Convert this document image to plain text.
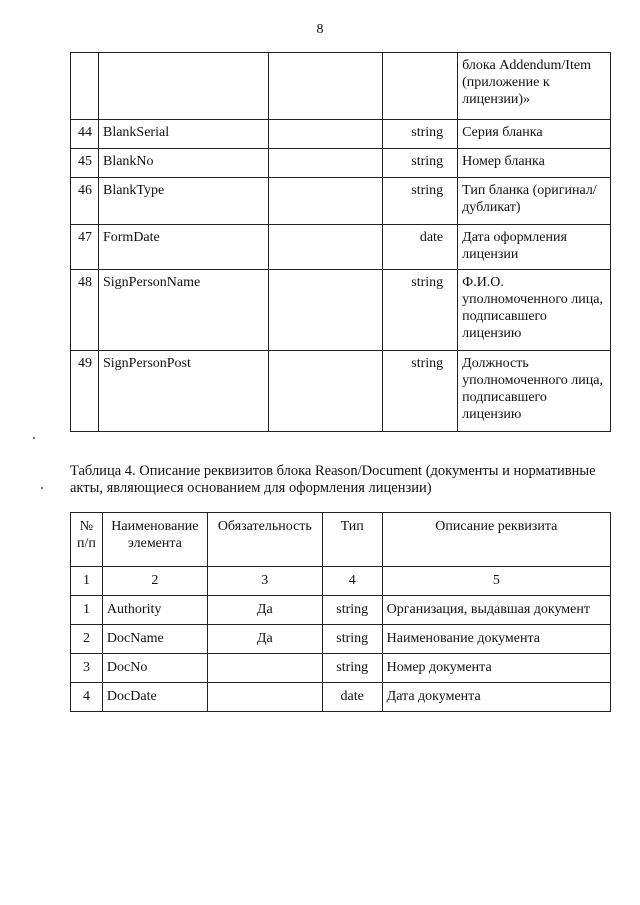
8
				блока Addendum/Item (приложение к лицензии)»
44	BlankSerial		string	Серия бланка
45	BlankNo		string	Номер бланка
46	BlankType		string	Тип бланка (оригинал/дубликат)
47	FormDate		date	Дата оформления лицензии
48	SignPersonName		string	Ф.И.О. уполномоченного лица, подписавшего лицензию
49	SignPersonPost		string	Должность уполномоченного лица, подписавшего лицензию
Таблица 4. Описание реквизитов блока Reason/Document (документы и нормативные акты, являющиеся основанием для оформления лицензии)
№ п/п	Наименование элемента	Обязательность	Тип	Описание реквизита
1	2	3	4	5
1	Authority	Да	string	Организация, выдавшая документ
2	DocName	Да	string	Наименование документа
3	DocNo		string	Номер документа
4	DocDate		date	Дата документа
